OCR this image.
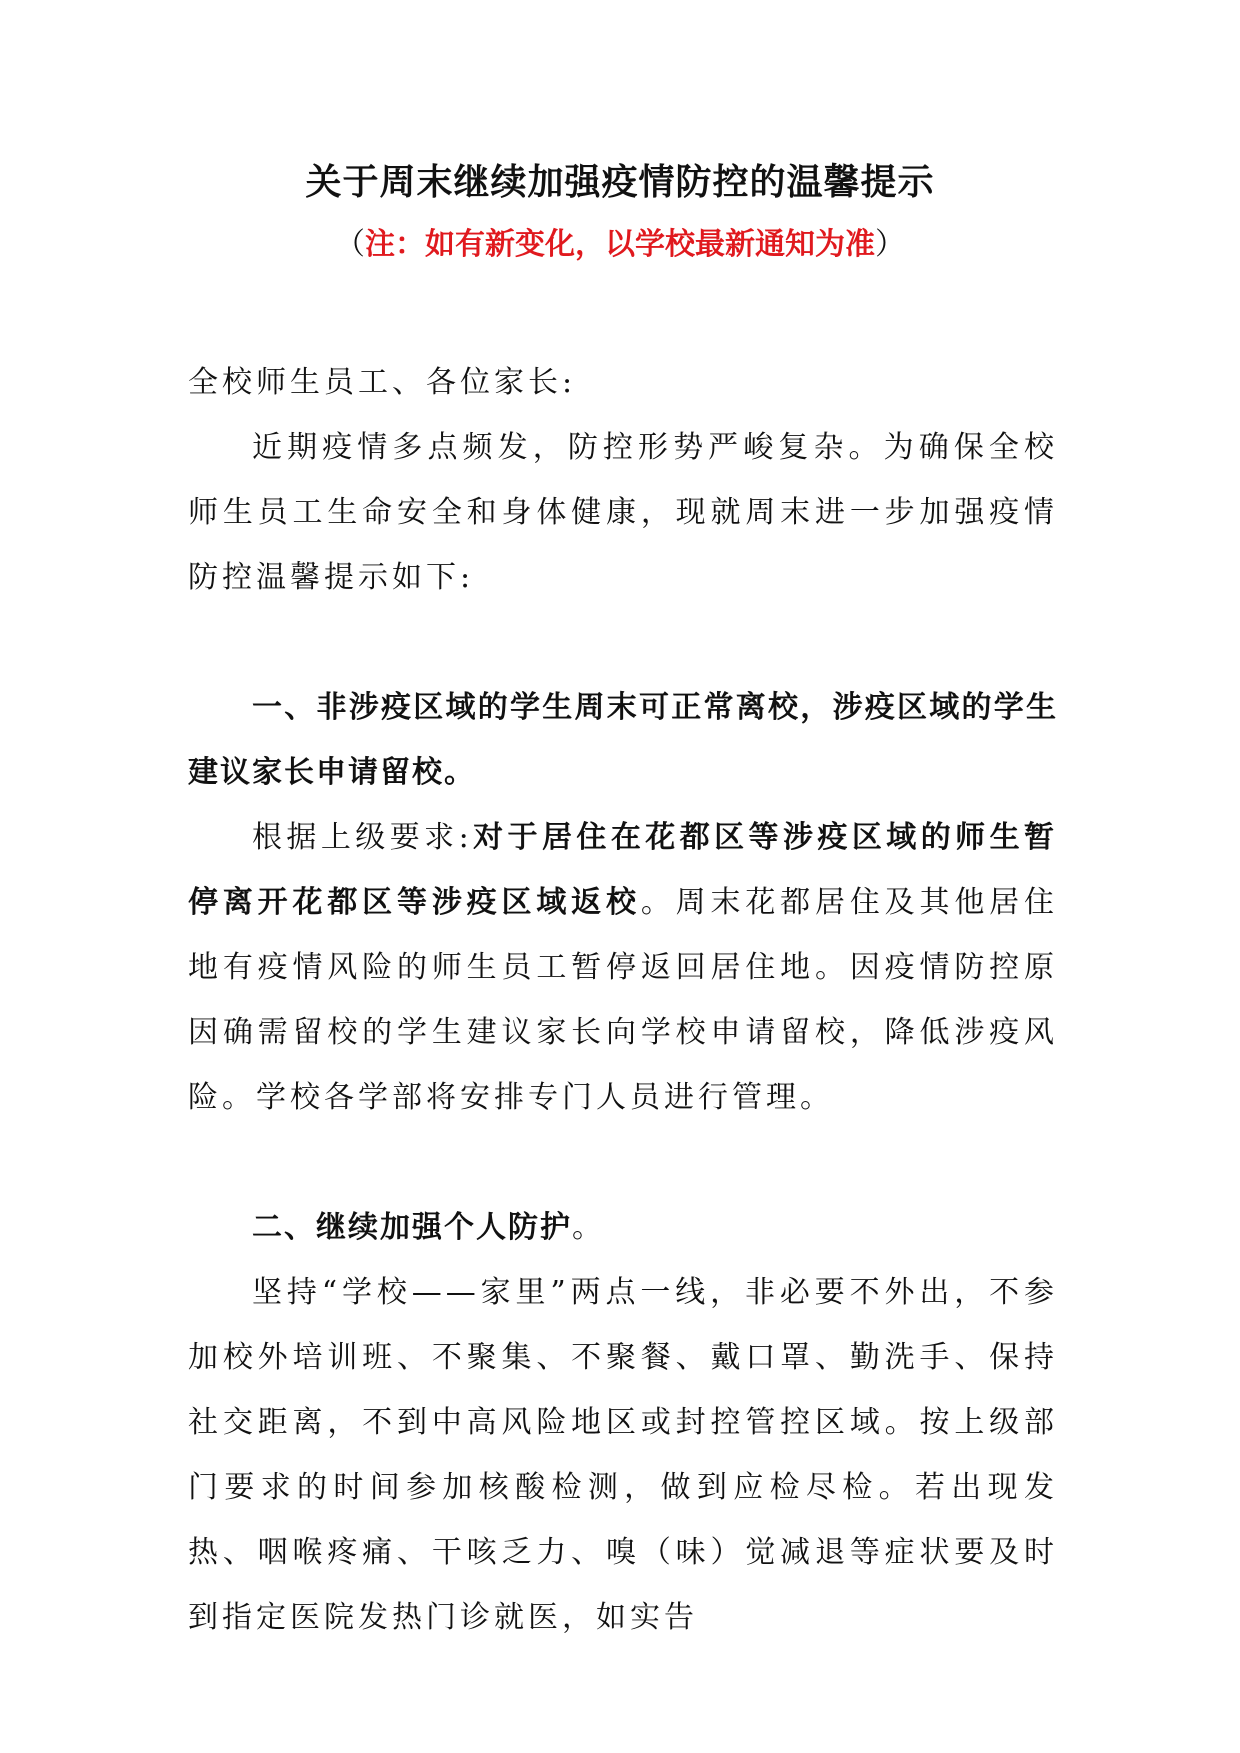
关于周末继续加强疫情防控的温馨提示
（注：如有新变化，以学校最新通知为准）

全校师生员工、各位家长:

近期疫情多点频发，防控形势严峻复杂。为确保全校师生员工生命安全和身体健康，现就周末进一步加强疫情防控温馨提示如下:

一、非涉疫区域的学生周末可正常离校，涉疫区域的学生建议家长申请留校。

根据上级要求:对于居住在花都区等涉疫区域的师生暂停离开花都区等涉疫区域返校。周末花都居住及其他居住地有疫情风险的师生员工暂停返回居住地。因疫情防控原因确需留校的学生建议家长向学校申请留校，降低涉疫风险。学校各学部将安排专门人员进行管理。

二、继续加强个人防护。

坚持“学校——家里”两点一线，非必要不外出，不参加校外培训班、不聚集、不聚餐、戴口罩、勤洗手、保持社交距离，不到中高风险地区或封控管控区域。按上级部门要求的时间参加核酸检测，做到应检尽检。若出现发热、咽喉疼痛、干咳乏力、嗅（味）觉减退等症状要及时到指定医院发热门诊就医，如实告
